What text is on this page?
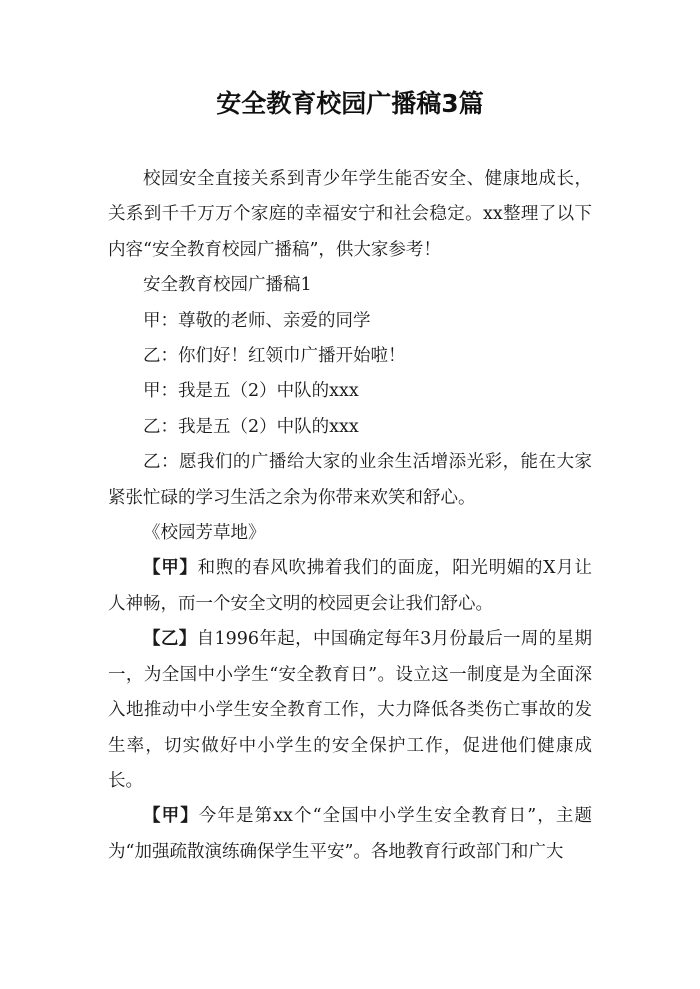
安全教育校园广播稿3篇

校园安全直接关系到青少年学生能否安全、健康地成长，关系到千千万万个家庭的幸福安宁和社会稳定。xx整理了以下内容“安全教育校园广播稿”，供大家参考！

安全教育校园广播稿1

甲：尊敬的老师、亲爱的同学

乙：你们好！红领巾广播开始啦！

甲：我是五（2）中队的xxx

乙：我是五（2）中队的xxx

乙：愿我们的广播给大家的业余生活增添光彩，能在大家紧张忙碌的学习生活之余为你带来欢笑和舒心。

《校园芳草地》

【甲】和煦的春风吹拂着我们的面庞，阳光明媚的X月让人神畅，而一个安全文明的校园更会让我们舒心。

【乙】自1996年起，中国确定每年3月份最后一周的星期一，为全国中小学生“安全教育日”。设立这一制度是为全面深入地推动中小学生安全教育工作，大力降低各类伤亡事故的发生率，切实做好中小学生的安全保护工作，促进他们健康成长。

【甲】今年是第xx个“全国中小学生安全教育日”，主题为“加强疏散演练确保学生平安”。各地教育行政部门和广大
